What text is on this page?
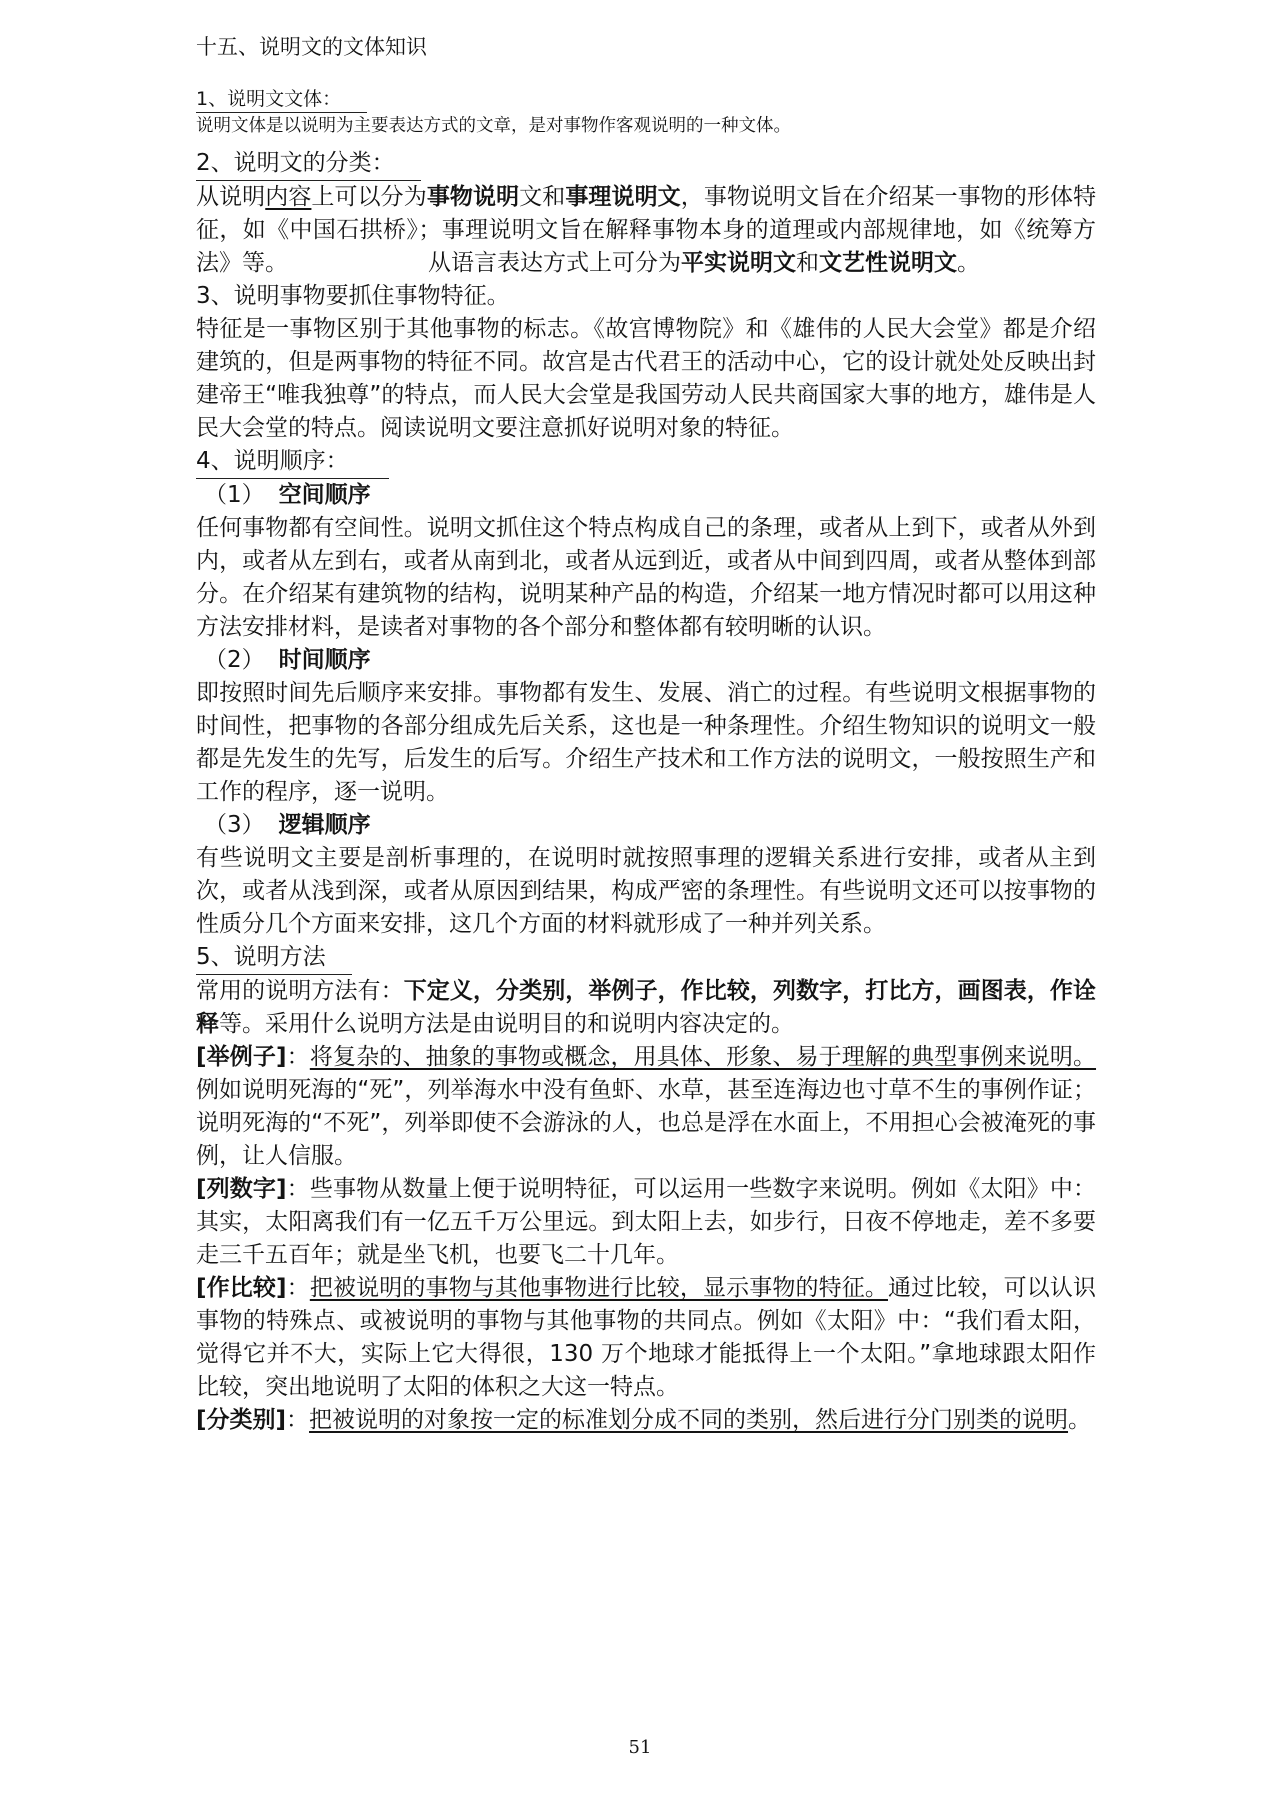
十五、说明文的文体知识

1、说明文文体：

说明文体是以说明为主要表达方式的文章，是对事物作客观说明的一种文体。

2、说明文的分类：

从说明内容上可以分为事物说明文和事理说明文，事物说明文旨在介绍某一事物的形体特征，如《中国石拱桥》；事理说明文旨在解释事物本身的道理或内部规律地，如《统筹方法》等。	从语言表达方式上可分为平实说明文和文艺性说明文。

3、说明事物要抓住事物特征。

特征是一事物区别于其他事物的标志。《故宫博物院》和《雄伟的人民大会堂》都是介绍建筑的，但是两事物的特征不同。故宫是古代君王的活动中心，它的设计就处处反映出封建帝王“唯我独尊”的特点，而人民大会堂是我国劳动人民共商国家大事的地方，雄伟是人民大会堂的特点。阅读说明文要注意抓好说明对象的特征。

4、说明顺序：

（1） 空间顺序

任何事物都有空间性。说明文抓住这个特点构成自己的条理，或者从上到下，或者从外到内，或者从左到右，或者从南到北，或者从远到近，或者从中间到四周，或者从整体到部分。在介绍某有建筑物的结构，说明某种产品的构造，介绍某一地方情况时都可以用这种方法安排材料，是读者对事物的各个部分和整体都有较明晰的认识。

（2） 时间顺序

即按照时间先后顺序来安排。事物都有发生、发展、消亡的过程。有些说明文根据事物的时间性，把事物的各部分组成先后关系，这也是一种条理性。介绍生物知识的说明文一般都是先发生的先写，后发生的后写。介绍生产技术和工作方法的说明文，一般按照生产和工作的程序，逐一说明。

（3） 逻辑顺序

有些说明文主要是剖析事理的，在说明时就按照事理的逻辑关系进行安排，或者从主到次，或者从浅到深，或者从原因到结果，构成严密的条理性。有些说明文还可以按事物的性质分几个方面来安排，这几个方面的材料就形成了一种并列关系。

5、说明方法

常用的说明方法有：下定义，分类别，举例子，作比较，列数字，打比方，画图表，作诠释等。采用什么说明方法是由说明目的和说明内容决定的。

[举例子]：将复杂的、抽象的事物或概念，用具体、形象、易于理解的典型事例来说明。例如说明死海的“死”，列举海水中没有鱼虾、水草，甚至连海边也寸草不生的事例作证；说明死海的“不死”，列举即使不会游泳的人，也总是浮在水面上，不用担心会被淹死的事例，让人信服。

[列数字]：些事物从数量上便于说明特征，可以运用一些数字来说明。例如《太阳》中：其实，太阳离我们有一亿五千万公里远。到太阳上去，如步行，日夜不停地走，差不多要走三千五百年；就是坐飞机，也要飞二十几年。

[作比较]：把被说明的事物与其他事物进行比较，显示事物的特征。通过比较，可以认识事物的特殊点、或被说明的事物与其他事物的共同点。例如《太阳》中：“我们看太阳，觉得它并不大，实际上它大得很，130 万个地球才能抵得上一个太阳。”拿地球跟太阳作比较，突出地说明了太阳的体积之大这一特点。

[分类别]：把被说明的对象按一定的标准划分成不同的类别，然后进行分门别类的说明。

51
